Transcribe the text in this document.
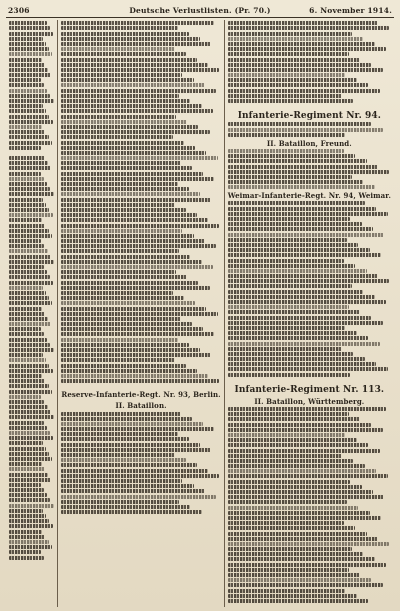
2306	Deutsche Verlustlisten. (Pr. 70.)	6. November 1914.
Reserve-Infanterie-Regt. Nr. 93, Berlin.
II. Bataillon.
Infanterie-Regiment Nr. 94.
II. Bataillon, Freund.
Weimar-Infanterie-Regt. Nr. 94, Weimar.
Infanterie-Regiment Nr. 113.
II. Bataillon, Württemberg.
